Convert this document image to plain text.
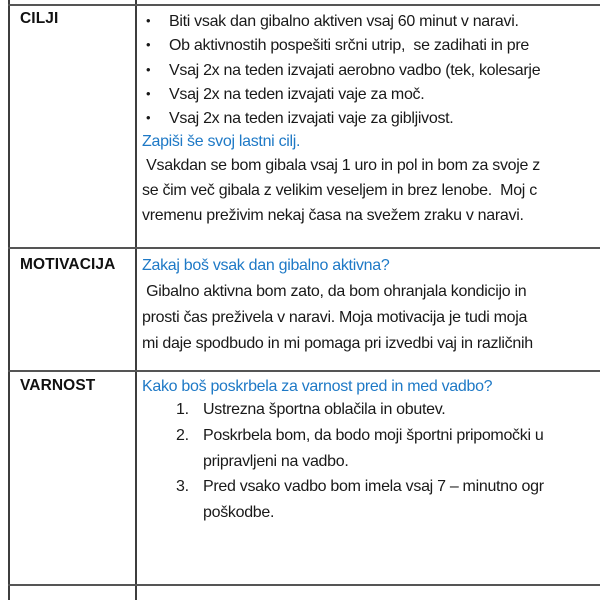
CILJI	• Biti vsak dan gibalno aktiven vsaj 60 minut v naravi.
• Ob aktivnostih pospešiti srčni utrip,  se zadihati in pre
• Vsaj 2x na teden izvajati aerobno vadbo (tek, kolesarje
• Vsaj 2x na teden izvajati vaje za moč.
• Vsaj 2x na teden izvajati vaje za gibljivost.
Zapiši še svoj lastni cilj.
Vsakdan se bom gibala vsaj 1 uro in pol in bom za svoje z
se čim več gibala z velikim veseljem in brez lenobe.  Moj c
vremenu preživim nekaj časa na svežem zraku v naravi.
MOTIVACIJA Zakaj boš vsak dan gibalno aktivna?
Gibalno aktivna bom zato, da bom ohranjala kondicijo in
prosti čas preživela v naravi. Moja motivacija je tudi moja
mi daje spodbudo in mi pomaga pri izvedbi vaj in različnih
VARNOST	Kako boš poskrbela za varnost pred in med vadbo?
1. Ustrezna športna oblačila in obutev.
2. Poskrbela bom, da bodo moji športni pripomočki u
pripravljeni na vadbo.
3. Pred vsako vadbo bom imela vsaj 7 – minutno ogr
poškodbe.
